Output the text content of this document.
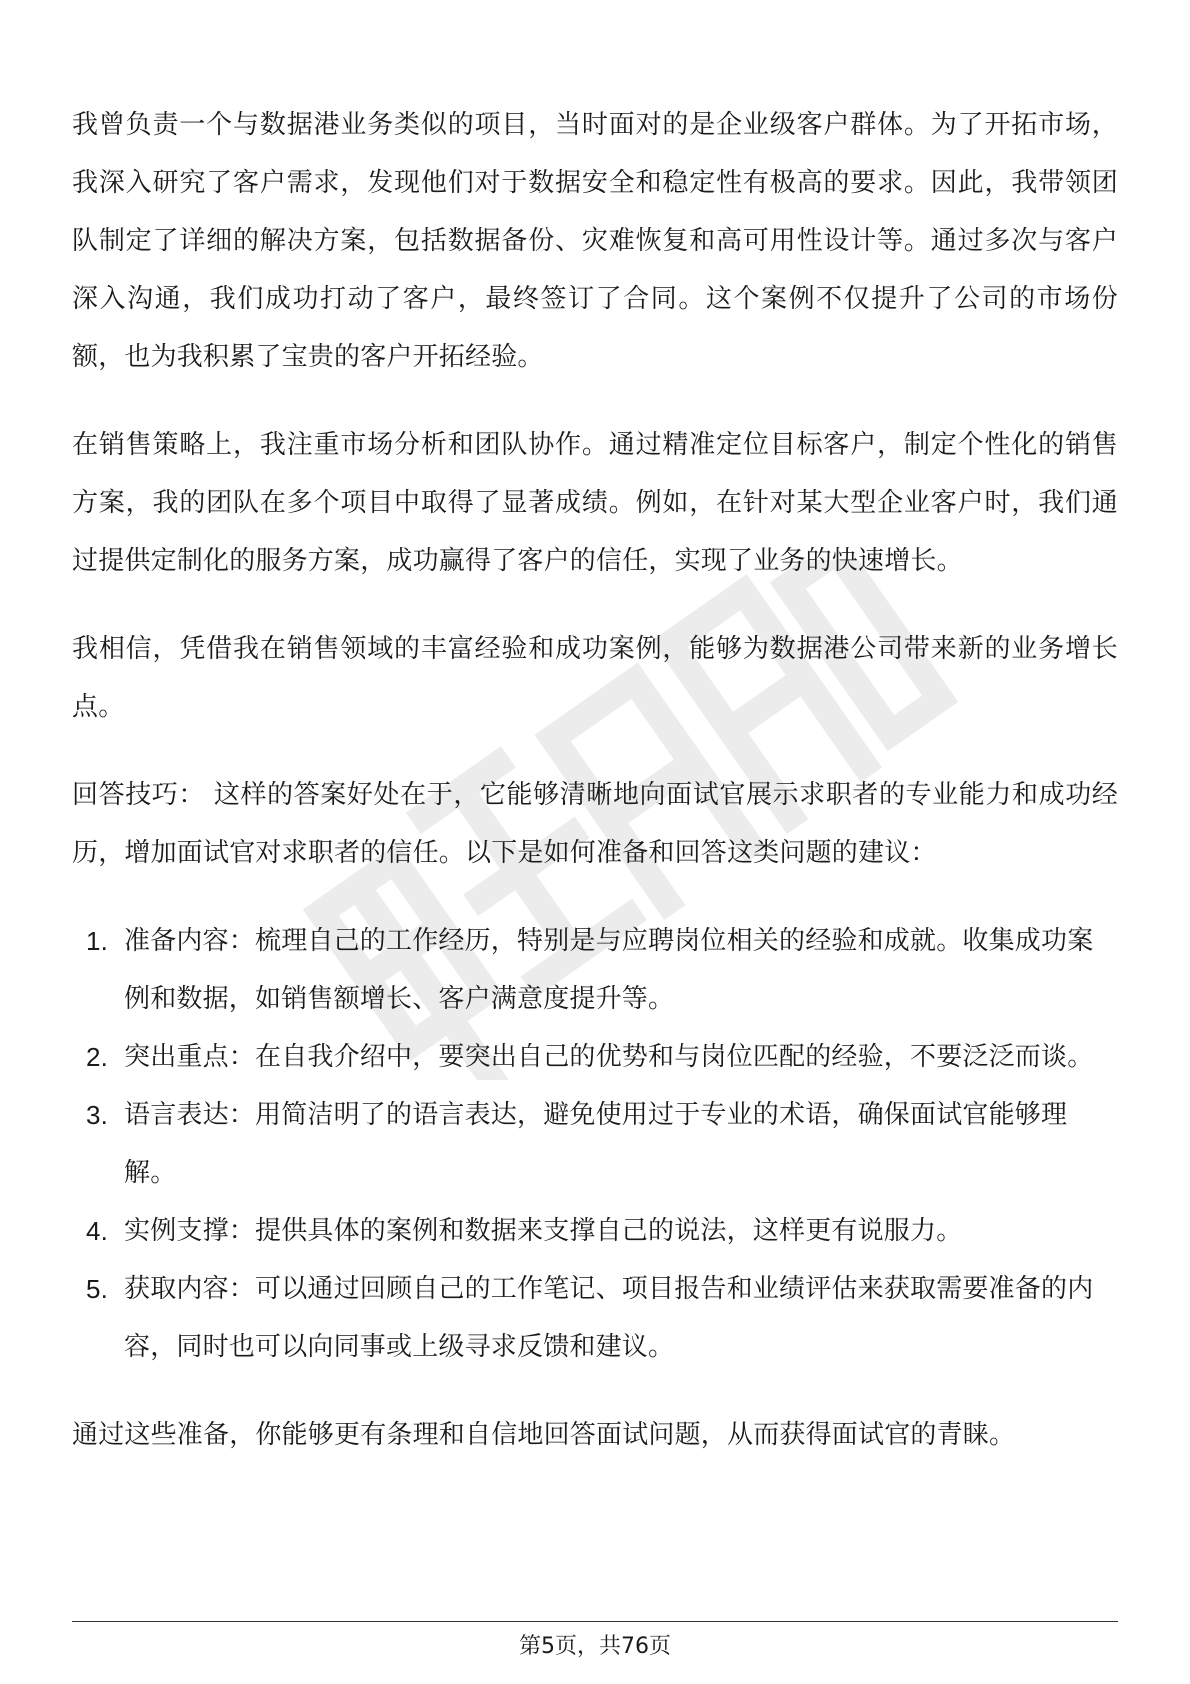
我曾负责一个与数据港业务类似的项目，当时面对的是企业级客户群体。为了开拓市场，我深入研究了客户需求，发现他们对于数据安全和稳定性有极高的要求。因此，我带领团队制定了详细的解决方案，包括数据备份、灾难恢复和高可用性设计等。通过多次与客户深入沟通，我们成功打动了客户，最终签订了合同。这个案例不仅提升了公司的市场份额，也为我积累了宝贵的客户开拓经验。

在销售策略上，我注重市场分析和团队协作。通过精准定位目标客户，制定个性化的销售方案，我的团队在多个项目中取得了显著成绩。例如，在针对某大型企业客户时，我们通过提供定制化的服务方案，成功赢得了客户的信任，实现了业务的快速增长。

我相信，凭借我在销售领域的丰富经验和成功案例，能够为数据港公司带来新的业务增长点。

回答技巧： 这样的答案好处在于，它能够清晰地向面试官展示求职者的专业能力和成功经历，增加面试官对求职者的信任。以下是如何准备和回答这类问题的建议：

1. 准备内容：梳理自己的工作经历，特别是与应聘岗位相关的经验和成就。收集成功案例和数据，如销售额增长、客户满意度提升等。
2. 突出重点：在自我介绍中，要突出自己的优势和与岗位匹配的经验，不要泛泛而谈。
3. 语言表达：用简洁明了的语言表达，避免使用过于专业的术语，确保面试官能够理解。
4. 实例支撑：提供具体的案例和数据来支撑自己的说法，这样更有说服力。
5. 获取内容：可以通过回顾自己的工作笔记、项目报告和业绩评估来获取需要准备的内容，同时也可以向同事或上级寻求反馈和建议。

通过这些准备，你能够更有条理和自信地回答面试问题，从而获得面试官的青睐。

第5页，共76页
